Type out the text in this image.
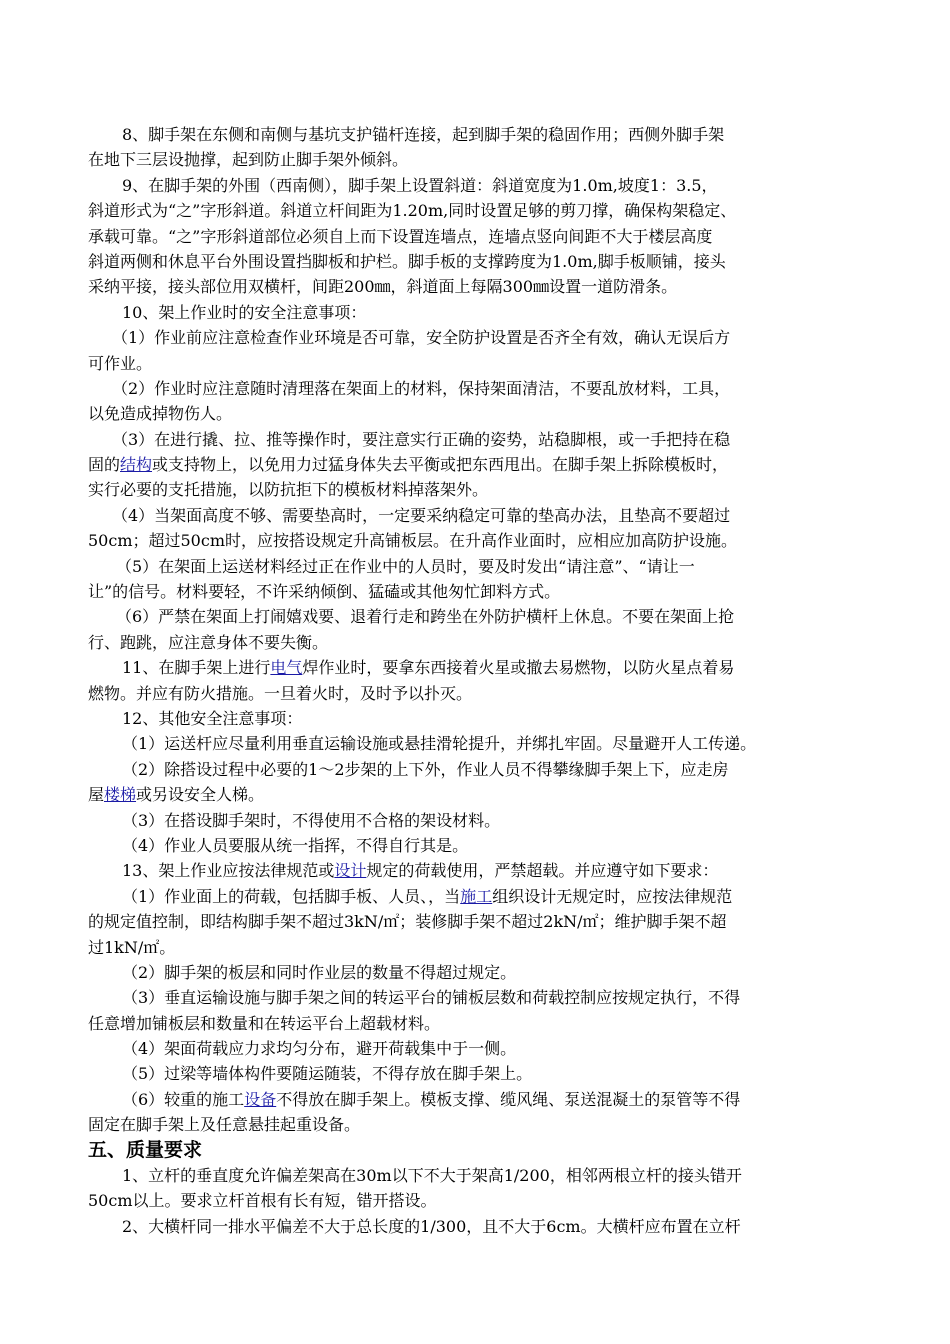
8、脚手架在东侧和南侧与基坑支护锚杆连接，起到脚手架的稳固作用；西侧外脚手架
在地下三层设抛撑，起到防止脚手架外倾斜。
9、在脚手架的外围（西南侧），脚手架上设置斜道：斜道宽度为1.0m,坡度1：3.5，
斜道形式为“之”字形斜道。斜道立杆间距为1.20m,同时设置足够的剪刀撑，确保构架稳定、
承载可靠。“之”字形斜道部位必须自上而下设置连墙点，连墙点竖向间距不大于楼层高度
斜道两侧和休息平台外围设置挡脚板和护栏。脚手板的支撑跨度为1.0m,脚手板顺铺，接头
采纳平接，接头部位用双横杆，间距200㎜，斜道面上每隔300㎜设置一道防滑条。
10、架上作业时的安全注意事项：
（1）作业前应注意检查作业环境是否可靠，安全防护设置是否齐全有效，确认无误后方
可作业。
（2）作业时应注意随时清理落在架面上的材料，保持架面清洁，不要乱放材料，工具，
以免造成掉物伤人。
（3）在进行撬、拉、推等操作时，要注意实行正确的姿势，站稳脚根，或一手把持在稳
固的结构或支持物上，以免用力过猛身体失去平衡或把东西甩出。在脚手架上拆除模板时，
实行必要的支托措施，以防抗拒下的模板材料掉落架外。
（4）当架面高度不够、需要垫高时，一定要采纳稳定可靠的垫高办法，且垫高不要超过
50cm；超过50cm时，应按搭设规定升高铺板层。在升高作业面时，应相应加高防护设施。
（5）在架面上运送材料经过正在作业中的人员时，要及时发出“请注意”、“请让一
让”的信号。材料要轻，不许采纳倾倒、猛磕或其他匆忙卸料方式。
（6）严禁在架面上打闹嬉戏要、退着行走和跨坐在外防护横杆上休息。不要在架面上抢
行、跑跳，应注意身体不要失衡。
11、在脚手架上进行电气焊作业时，要拿东西接着火星或撤去易燃物，以防火星点着易
燃物。并应有防火措施。一旦着火时，及时予以扑灭。
12、其他安全注意事项：
（1）运送杆应尽量利用垂直运输设施或悬挂滑轮提升，并绑扎牢固。尽量避开人工传递。
（2）除搭设过程中必要的1～2步架的上下外，作业人员不得攀缘脚手架上下，应走房
屋楼梯或另设安全人梯。
（3）在搭设脚手架时，不得使用不合格的架设材料。
（4）作业人员要服从统一指挥，不得自行其是。
13、架上作业应按法律规范或设计规定的荷载使用，严禁超载。并应遵守如下要求：
（1）作业面上的荷载，包括脚手板、人员、，当施工组织设计无规定时，应按法律规范
的规定值控制，即结构脚手架不超过3kN/㎡；装修脚手架不超过2kN/㎡；维护脚手架不超
过1kN/㎡。
（2）脚手架的板层和同时作业层的数量不得超过规定。
（3）垂直运输设施与脚手架之间的转运平台的铺板层数和荷载控制应按规定执行，不得
任意增加铺板层和数量和在转运平台上超载材料。
（4）架面荷载应力求均匀分布，避开荷载集中于一侧。
（5）过梁等墙体构件要随运随装，不得存放在脚手架上。
（6）较重的施工设备不得放在脚手架上。模板支撑、缆风绳、泵送混凝土的泵管等不得
固定在脚手架上及任意悬挂起重设备。
五、质量要求
1、立杆的垂直度允许偏差架高在30m以下不大于架高1/200，相邻两根立杆的接头错开
50cm以上。要求立杆首根有长有短，错开搭设。
2、大横杆同一排水平偏差不大于总长度的1/300，且不大于6cm。大横杆应布置在立杆
